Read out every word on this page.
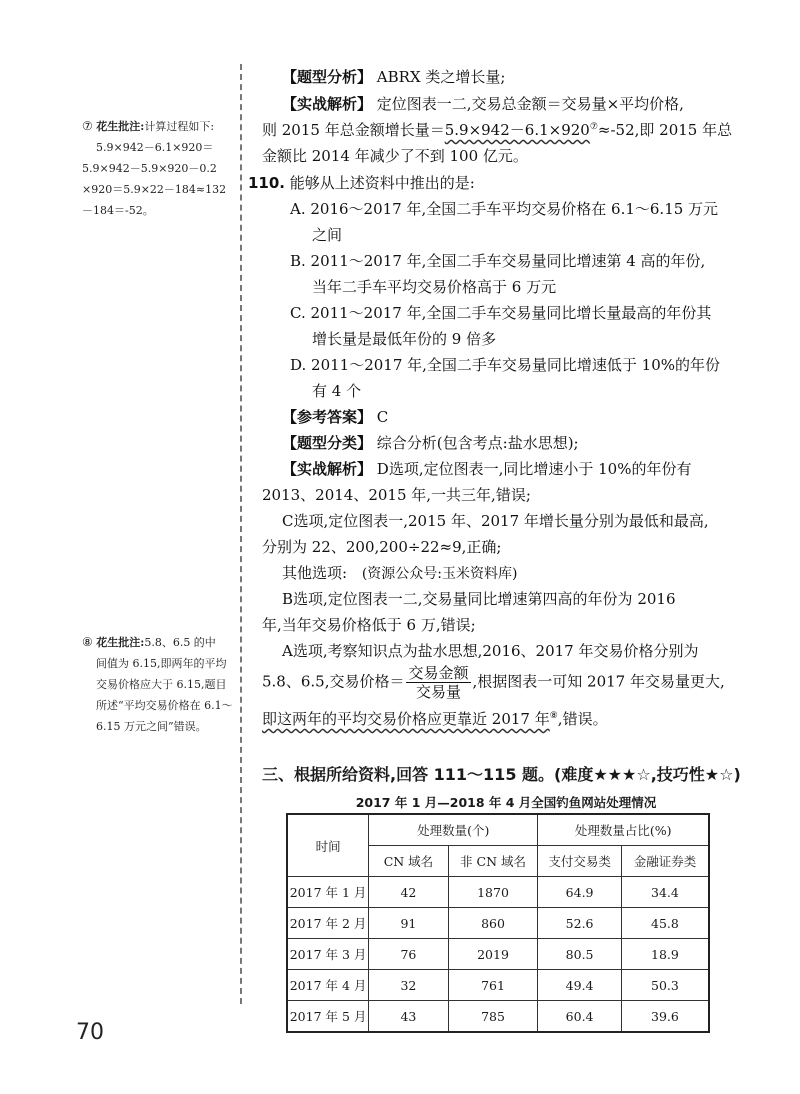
⑦ 花生批注:计算过程如下:
5.9×942－6.1×920＝
5.9×942－5.9×920－0.2
×920＝5.9×22－184≈132
－184＝-52。
⑧ 花生批注:5.8、6.5 的中
间值为 6.15,即两年的平均
交易价格应大于 6.15,题目
所述“平均交易价格在 6.1～
6.15 万元之间”错误。
【题型分析】 ABRX 类之增长量;
【实战解析】 定位图表一二,交易总金额＝交易量×平均价格,
则 2015 年总金额增长量＝5.9×942－6.1×920⑦≈-52,即 2015 年总
金额比 2014 年减少了不到 100 亿元。
110. 能够从上述资料中推出的是:
A. 2016～2017 年,全国二手车平均交易价格在 6.1～6.15 万元
之间
B. 2011～2017 年,全国二手车交易量同比增速第 4 高的年份,
当年二手车平均交易价格高于 6 万元
C. 2011～2017 年,全国二手车交易量同比增长量最高的年份其
增长量是最低年份的 9 倍多
D. 2011～2017 年,全国二手车交易量同比增速低于 10%的年份
有 4 个
【参考答案】 C
【题型分类】 综合分析(包含考点:盐水思想);
【实战解析】 D选项,定位图表一,同比增速小于 10%的年份有
2013、2014、2015 年,一共三年,错误;
C选项,定位图表一,2015 年、2017 年增长量分别为最低和最高,
分别为 22、200,200÷22≈9,正确;
其他选项: (资源公众号:玉米资料库)
B选项,定位图表一二,交易量同比增速第四高的年份为 2016
年,当年交易价格低于 6 万,错误;
A选项,考察知识点为盐水思想,2016、2017 年交易价格分别为
5.8、6.5,交易价格＝ $\frac{\text{交易金额}}{\text{交易量}}$ ,根据图表一可知 2017 年交易量更大,
即这两年的平均交易价格应更靠近 2017 年⑧,错误。
三、根据所给资料,回答 111～115 题。(难度★★★☆,技巧性★☆)
2017 年 1 月—2018 年 4 月全国钓鱼网站处理情况
时间	处理数量(个)		处理数量占比(%)	
	CN 域名	非 CN 域名	支付交易类	金融证券类
2017 年 1 月	42	1870	64.9	34.4
2017 年 2 月	91	860	52.6	45.8
2017 年 3 月	76	2019	80.5	18.9
2017 年 4 月	32	761	49.4	50.3
2017 年 5 月	43	785	60.4	39.6
70
